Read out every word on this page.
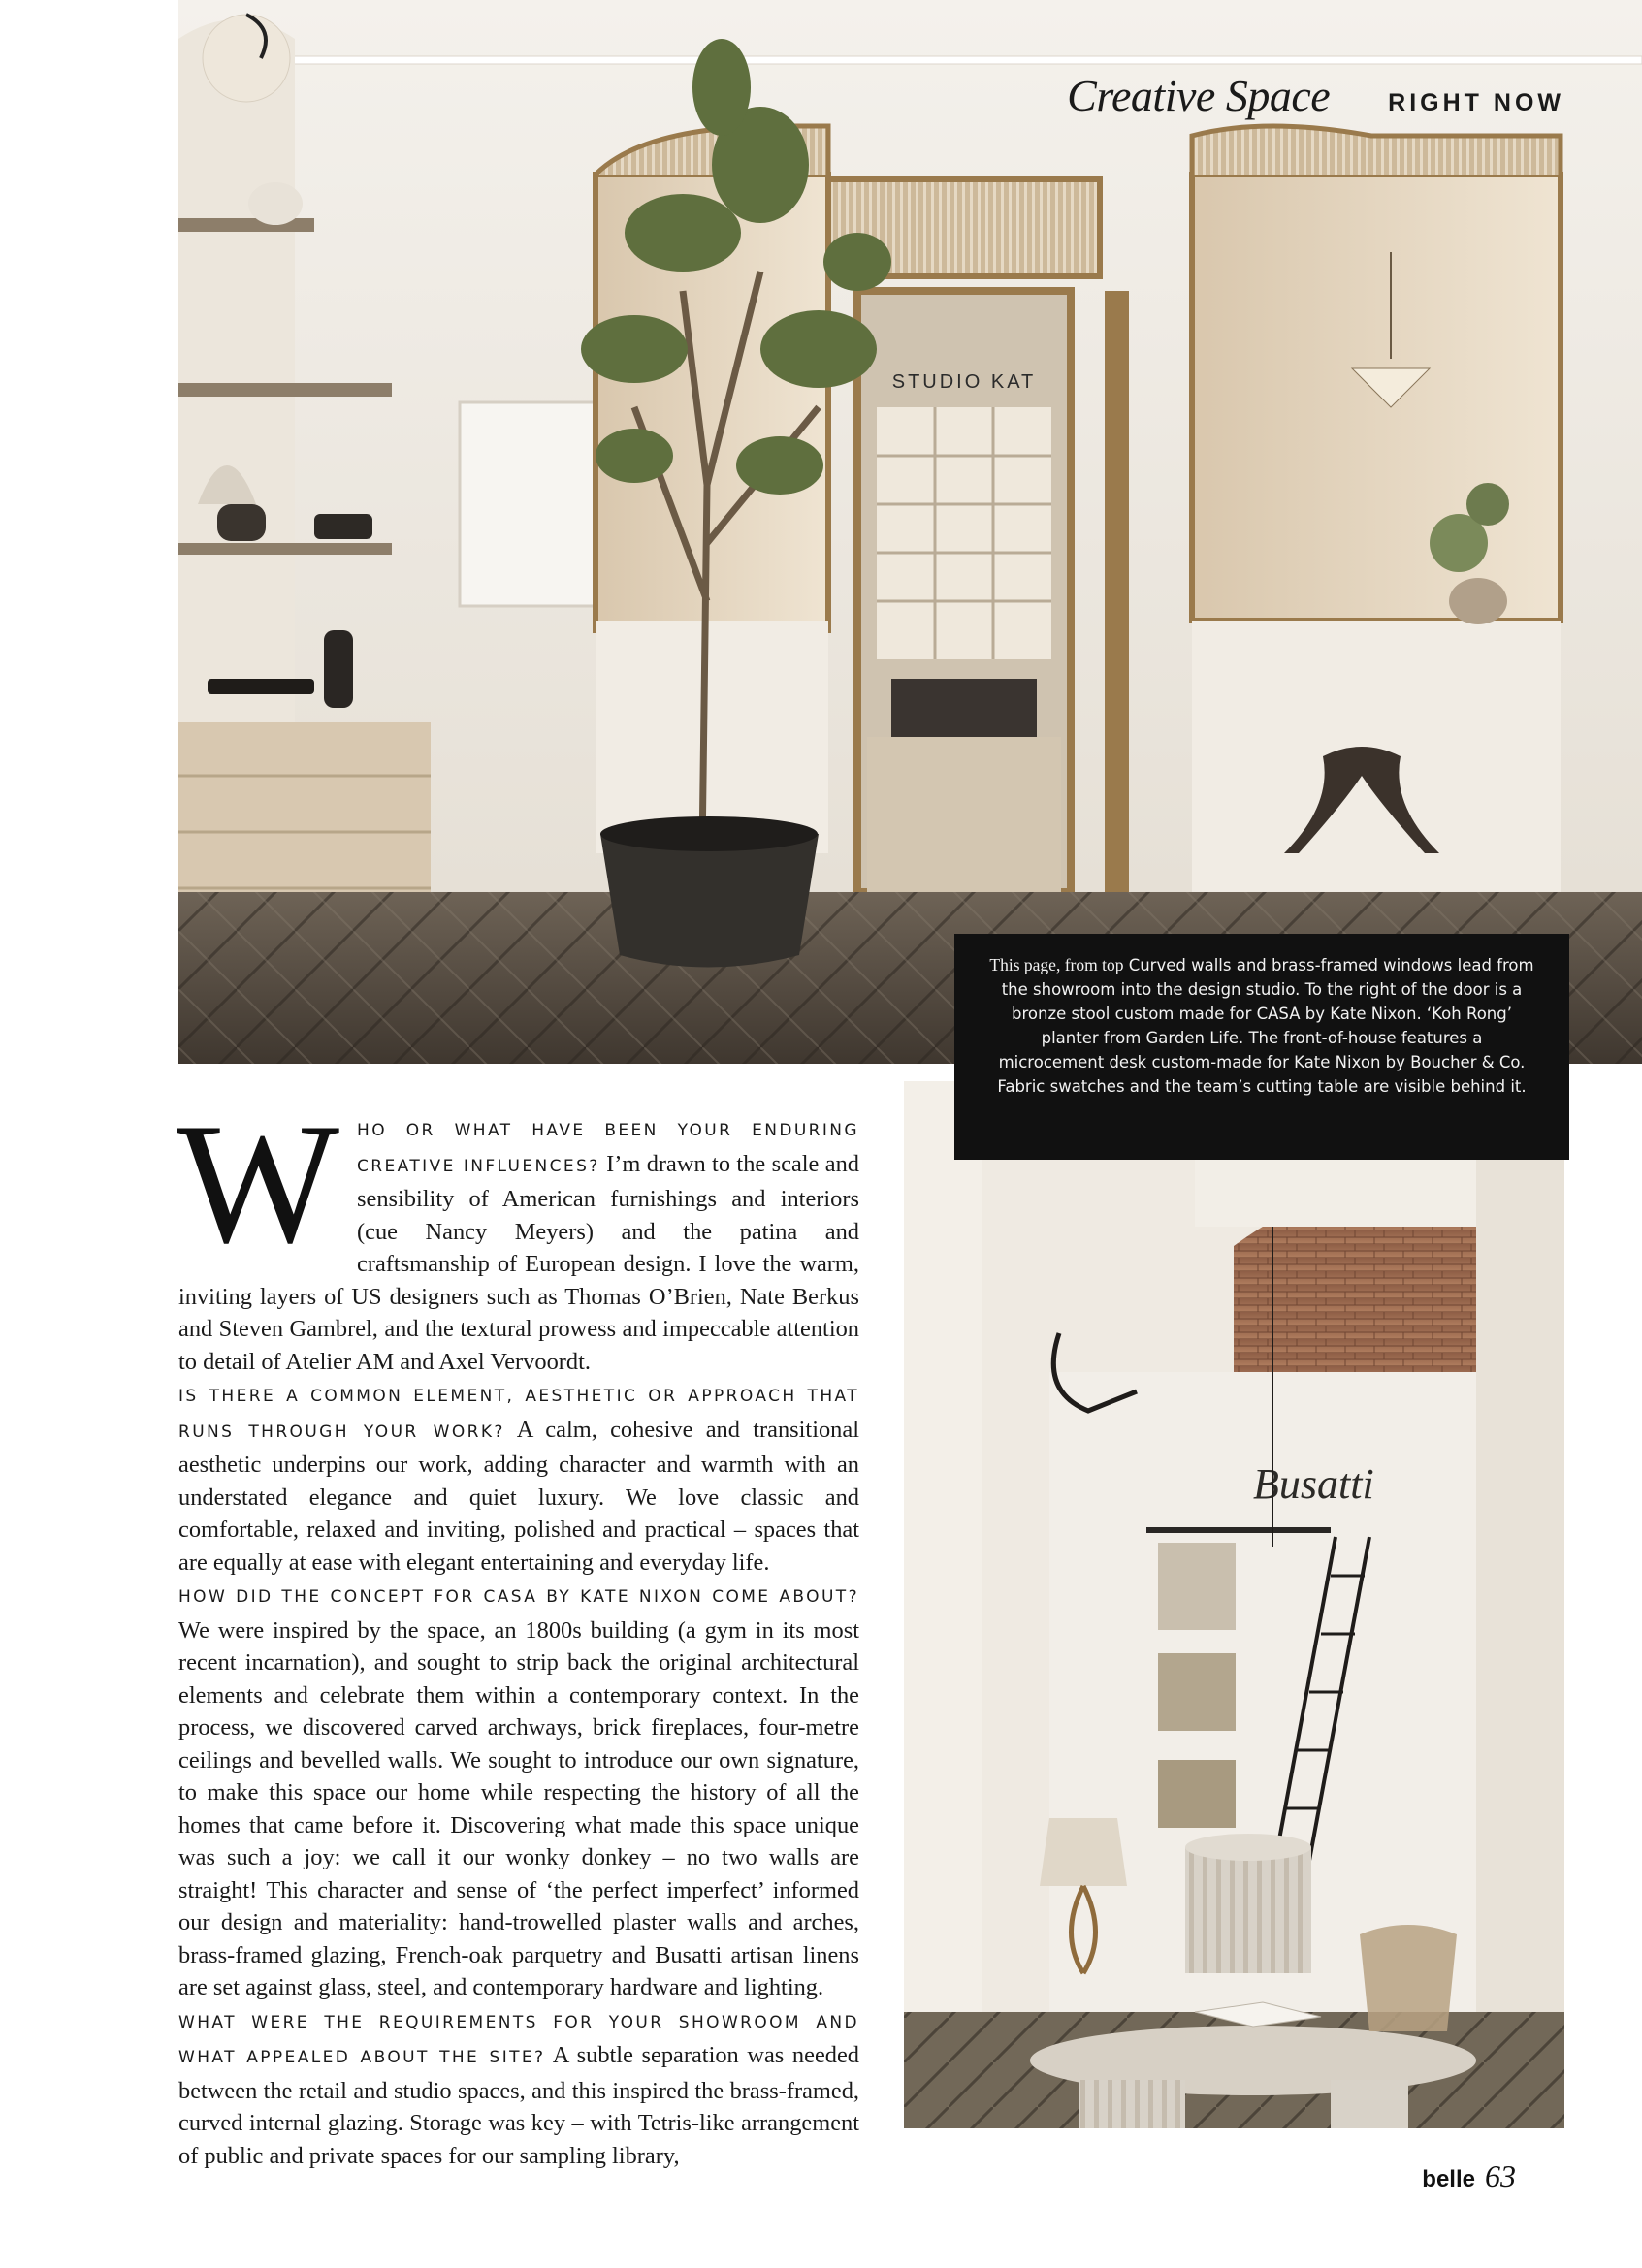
STUDIO KAT
Creative Space RIGHT NOW
This page, from top Curved walls and brass-framed windows lead from the showroom into the design studio. To the right of the door is a bronze stool custom made for CASA by Kate Nixon. ‘Koh Rong’ planter from Garden Life. The front-of-house features a microcement desk custom-made for Kate Nixon by Boucher & Co. Fabric swatches and the team’s cutting table are visible behind it.
Busatti
W	HO OR WHAT HAVE BEEN YOUR ENDURING CREATIVE INFLUENCES? I’m drawn to the scale and sensibility of American furnishings and interiors (cue Nancy Meyers) and the patina and craftsmanship of European design. I love the warm, inviting layers of US designers such as Thomas O’Brien, Nate Berkus and Steven Gambrel, and the textural prowess and impeccable attention to detail of Atelier AM and Axel Vervoordt.

IS THERE A COMMON ELEMENT, AESTHETIC OR APPROACH THAT RUNS THROUGH YOUR WORK? A calm, cohesive and transitional aesthetic underpins our work, adding character and warmth with an understated elegance and quiet luxury. We love classic and comfortable, relaxed and inviting, polished and practical – spaces that are equally at ease with elegant entertaining and everyday life.

HOW DID THE CONCEPT FOR CASA BY KATE NIXON COME ABOUT? We were inspired by the space, an 1800s building (a gym in its most recent incarnation), and sought to strip back the original architectural elements and celebrate them within a contemporary context. In the process, we discovered carved archways, brick fireplaces, four-metre ceilings and bevelled walls. We sought to introduce our own signature, to make this space our home while respecting the history of all the homes that came before it. Discovering what made this space unique was such a joy: we call it our wonky donkey – no two walls are straight! This character and sense of ‘the perfect imperfect’ informed our design and materiality: hand-trowelled plaster walls and arches, brass-framed glazing, French-oak parquetry and Busatti artisan linens are set against glass, steel, and contemporary hardware and lighting.

WHAT WERE THE REQUIREMENTS FOR YOUR SHOWROOM AND WHAT APPEALED ABOUT THE SITE? A subtle separation was needed between the retail and studio spaces, and this inspired the brass-framed, curved internal glazing. Storage was key – with Tetris-like arrangement of public and private spaces for our sampling library,

belle 63
